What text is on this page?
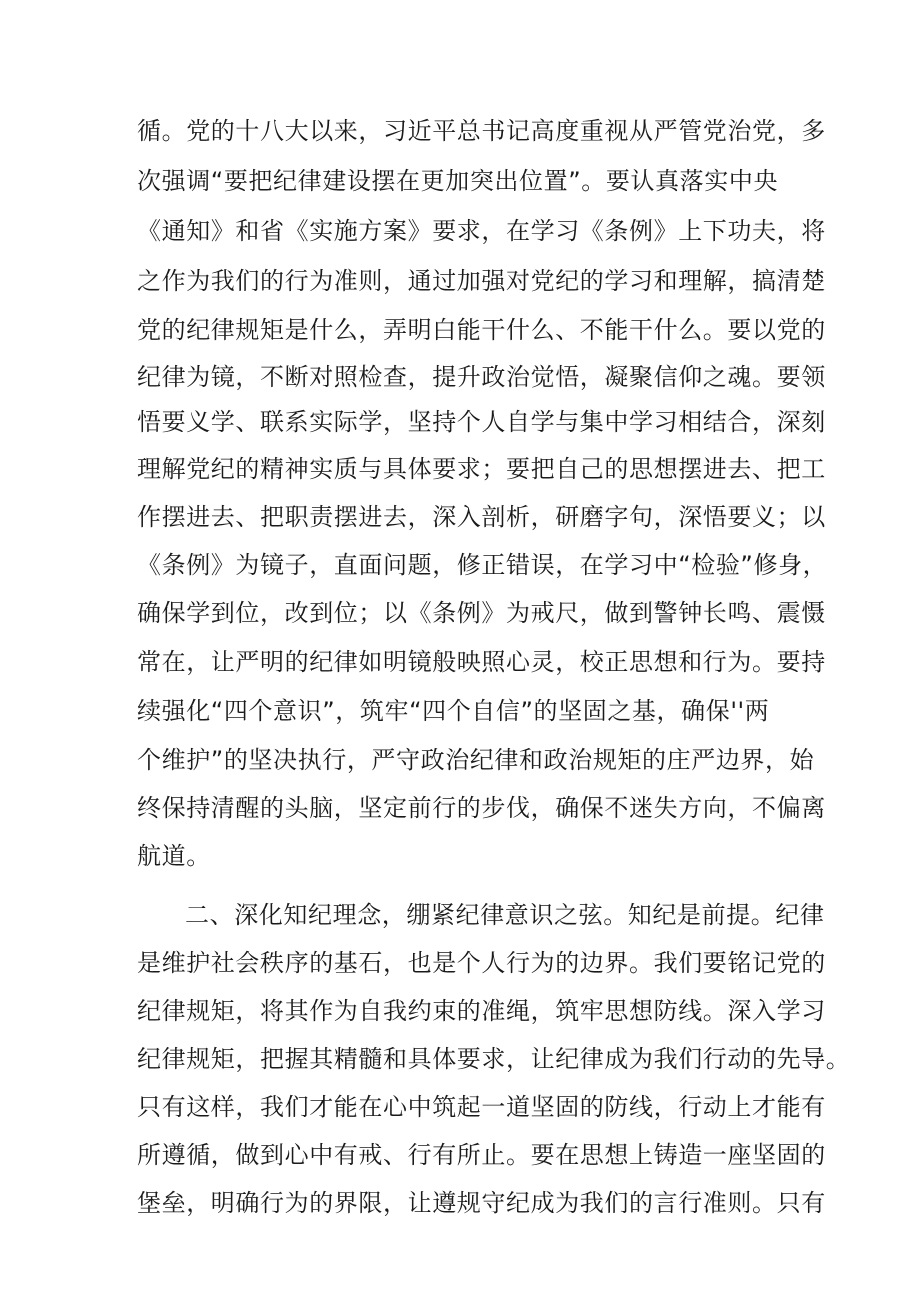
循。党的十八大以来，习近平总书记高度重视从严管党治党，多
次强调“要把纪律建设摆在更加突出位置”。要认真落实中央
《通知》和省《实施方案》要求，在学习《条例》上下功夫，将
之作为我们的行为准则，通过加强对党纪的学习和理解，搞清楚
党的纪律规矩是什么，弄明白能干什么、不能干什么。要以党的
纪律为镜，不断对照检查，提升政治觉悟，凝聚信仰之魂。要领
悟要义学、联系实际学，坚持个人自学与集中学习相结合，深刻
理解党纪的精神实质与具体要求；要把自己的思想摆进去、把工
作摆进去、把职责摆进去，深入剖析，研磨字句，深悟要义；以
《条例》为镜子，直面问题，修正错误，在学习中“检验”修身，
确保学到位，改到位；以《条例》为戒尺，做到警钟长鸣、震慑
常在，让严明的纪律如明镜般映照心灵，校正思想和行为。要持
续强化“四个意识”，筑牢“四个自信”的坚固之基，确保''两
个维护”的坚决执行，严守政治纪律和政治规矩的庄严边界，始
终保持清醒的头脑，坚定前行的步伐，确保不迷失方向，不偏离
航道。
二、深化知纪理念，绷紧纪律意识之弦。知纪是前提。纪律
是维护社会秩序的基石，也是个人行为的边界。我们要铭记党的
纪律规矩，将其作为自我约束的准绳，筑牢思想防线。深入学习
纪律规矩，把握其精髓和具体要求，让纪律成为我们行动的先导。
只有这样，我们才能在心中筑起一道坚固的防线，行动上才能有
所遵循，做到心中有戒、行有所止。要在思想上铸造一座坚固的
堡垒，明确行为的界限，让遵规守纪成为我们的言行准则。只有
